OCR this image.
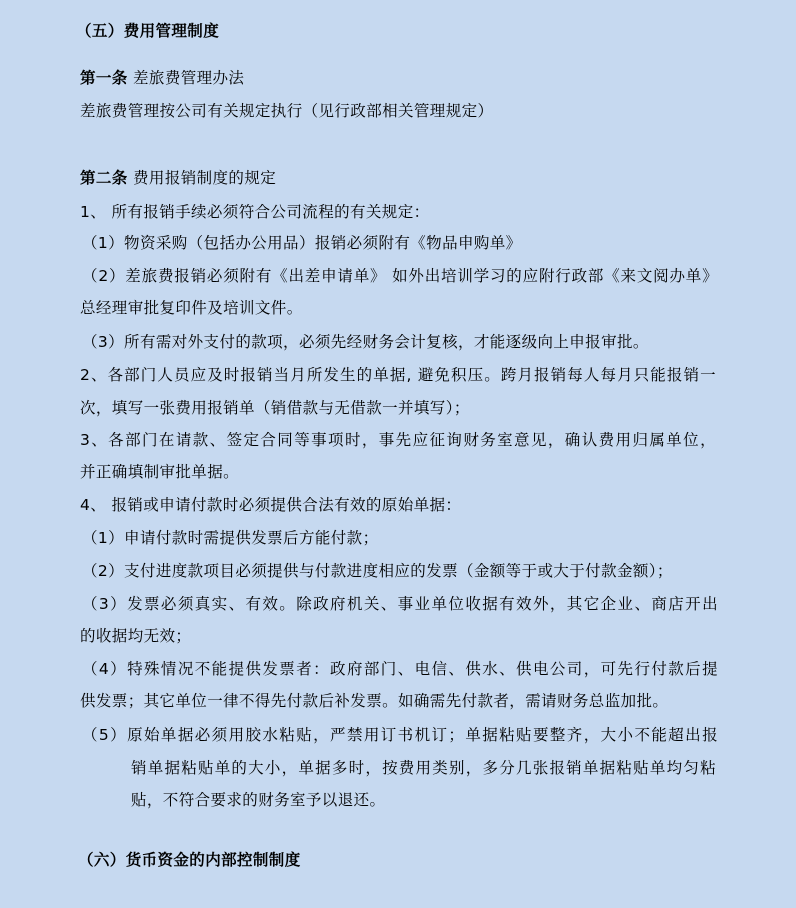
（五）费用管理制度
第一条 差旅费管理办法
差旅费管理按公司有关规定执行（见行政部相关管理规定）
第二条 费用报销制度的规定
1、 所有报销手续必须符合公司流程的有关规定：
（1）物资采购（包括办公用品）报销必须附有《物品申购单》
（2）差旅费报销必须附有《出差申请单》 如外出培训学习的应附行政部《来文阅办单》
总经理审批复印件及培训文件。
（3）所有需对外支付的款项，必须先经财务会计复核，才能逐级向上申报审批。
2、各部门人员应及时报销当月所发生的单据, 避免积压。跨月报销每人每月只能报销一
次，填写一张费用报销单（销借款与无借款一并填写）；
3、各部门在请款、签定合同等事项时，事先应征询财务室意见，确认费用归属单位，
并正确填制审批单据。
4、 报销或申请付款时必须提供合法有效的原始单据：
（1）申请付款时需提供发票后方能付款；
（2）支付进度款项目必须提供与付款进度相应的发票（金额等于或大于付款金额）；
（3）发票必须真实、有效。除政府机关、事业单位收据有效外，其它企业、商店开出
的收据均无效；
（4）特殊情况不能提供发票者：政府部门、电信、供水、供电公司，可先行付款后提
供发票；其它单位一律不得先付款后补发票。如确需先付款者，需请财务总监加批。
（5）原始单据必须用胶水粘贴，严禁用订书机订；单据粘贴要整齐，大小不能超出报
销单据粘贴单的大小，单据多时，按费用类别，多分几张报销单据粘贴单均匀粘
贴，不符合要求的财务室予以退还。
（六）货币资金的内部控制制度
